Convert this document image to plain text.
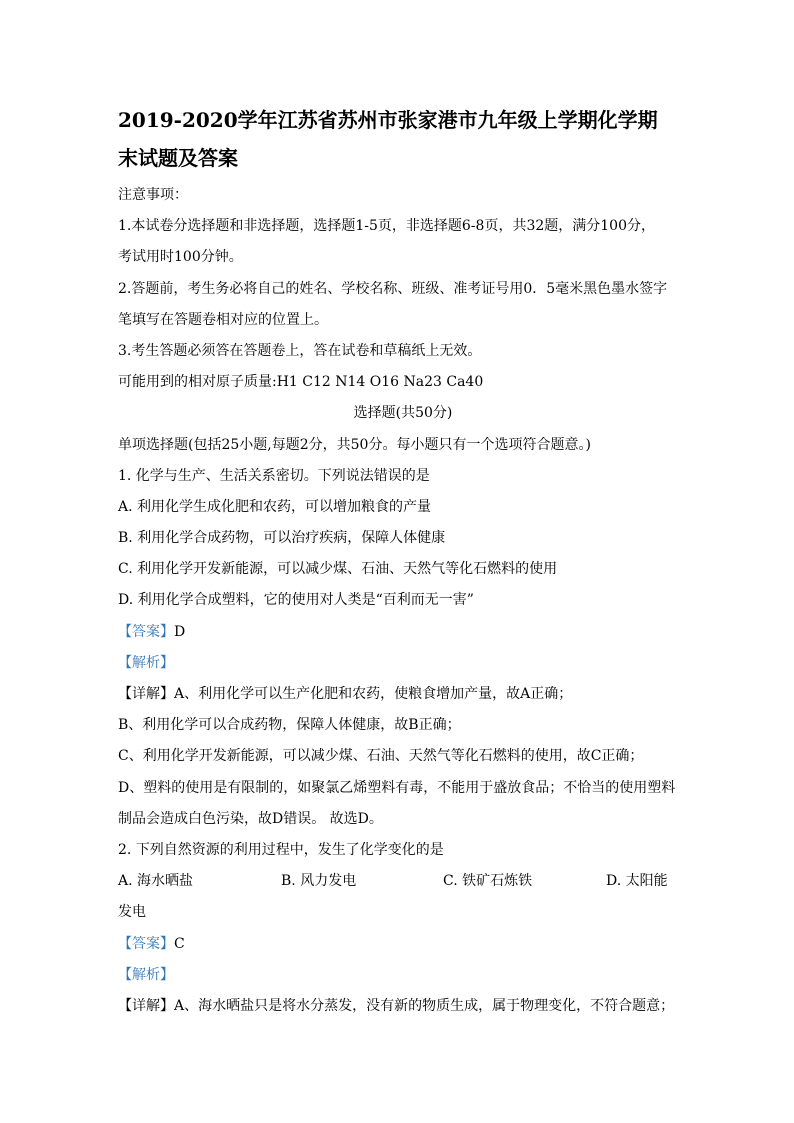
2019-2020学年江苏省苏州市张家港市九年级上学期化学期
末试题及答案
注意事项：
1.本试卷分选择题和非选择题，选择题1-5页，非选择题6-8页，共32题，满分100分，
考试用时100分钟。
2.答题前，考生务必将自己的姓名、学校名称、班级、准考证号用0．5毫米黑色墨水签字
笔填写在答题卷相对应的位置上。
3.考生答题必须答在答题卷上，答在试卷和草稿纸上无效。
可能用到的相对原子质量:H1 C12 N14 O16 Na23 Ca40
选择题(共50分)
单项选择题(包括25小题,每题2分，共50分。每小题只有一个选项符合题意。)
1. 化学与生产、生活关系密切。下列说法错误的是
A. 利用化学生成化肥和农药，可以增加粮食的产量
B. 利用化学合成药物，可以治疗疾病，保障人体健康
C. 利用化学开发新能源，可以减少煤、石油、天然气等化石燃料的使用
D. 利用化学合成塑料，它的使用对人类是“百利而无一害”
【答案】D
【解析】
【详解】A、利用化学可以生产化肥和农药，使粮食增加产量，故A正确；
B、利用化学可以合成药物，保障人体健康，故B正确；
C、利用化学开发新能源，可以减少煤、石油、天然气等化石燃料的使用，故C正确；
D、塑料的使用是有限制的，如聚氯乙烯塑料有毒，不能用于盛放食品；不恰当的使用塑料
制品会造成白色污染，故D错误。 故选D。
2. 下列自然资源的利用过程中，发生了化学变化的是
A. 海水晒盐	B. 风力发电	C. 铁矿石炼铁	D. 太阳能
发电
【答案】C
【解析】
【详解】A、海水晒盐只是将水分蒸发，没有新的物质生成，属于物理变化，不符合题意；
